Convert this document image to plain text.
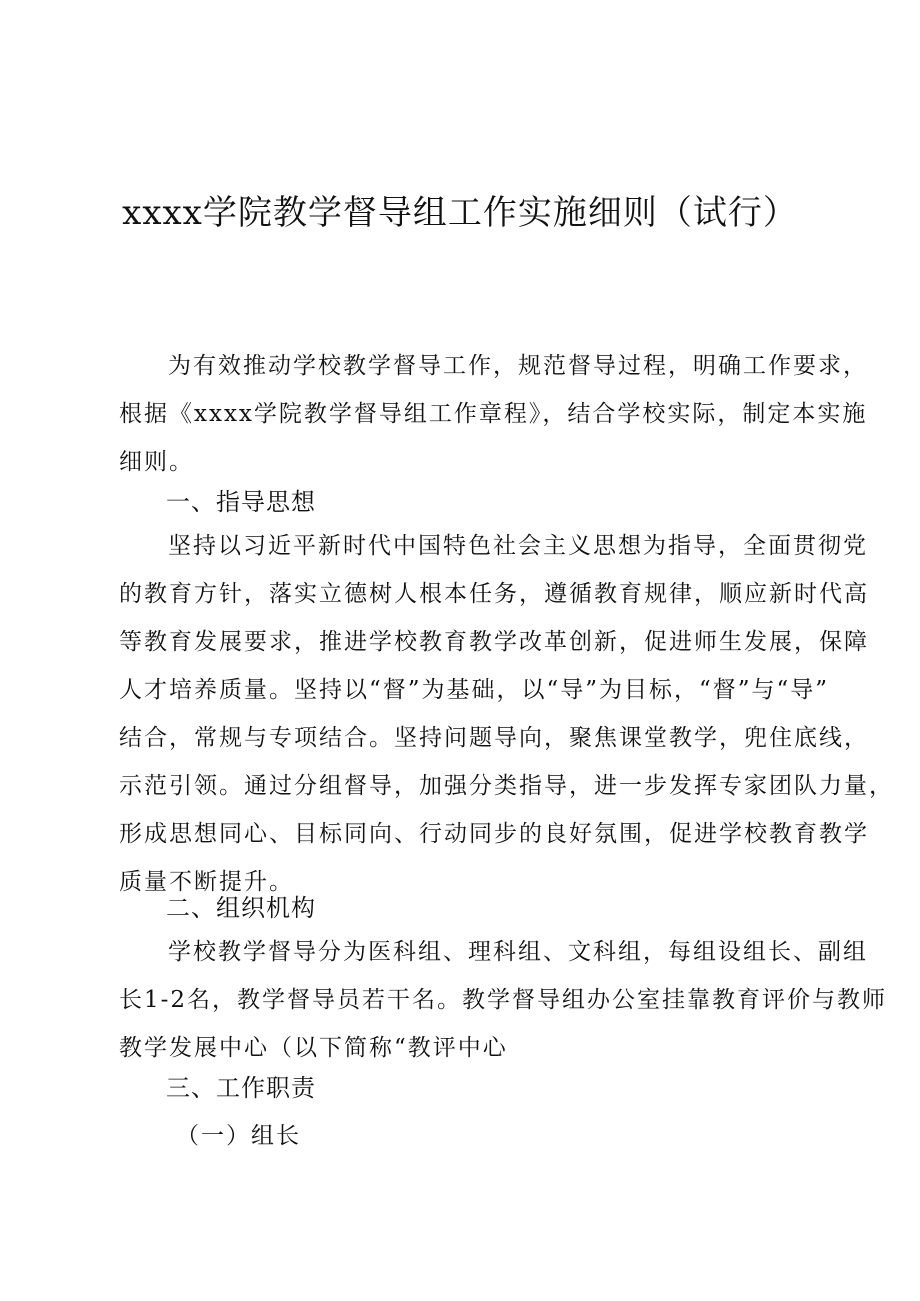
xxxx学院教学督导组工作实施细则（试行）
为有效推动学校教学督导工作，规范督导过程，明确工作要求，
根据《xxxx学院教学督导组工作章程》，结合学校实际，制定本实施
细则。
一、指导思想
坚持以习近平新时代中国特色社会主义思想为指导，全面贯彻党
的教育方针，落实立德树人根本任务，遵循教育规律，顺应新时代高
等教育发展要求，推进学校教育教学改革创新，促进师生发展，保障
人才培养质量。坚持以“督”为基础，以“导”为目标，“督”与“导”
结合，常规与专项结合。坚持问题导向，聚焦课堂教学，兜住底线，
示范引领。通过分组督导，加强分类指导，进一步发挥专家团队力量，
形成思想同心、目标同向、行动同步的良好氛围，促进学校教育教学
质量不断提升。
二、组织机构
学校教学督导分为医科组、理科组、文科组，每组设组长、副组
长1-2名，教学督导员若干名。教学督导组办公室挂靠教育评价与教师
教学发展中心（以下简称“教评中心
三、工作职责
（一）组长
